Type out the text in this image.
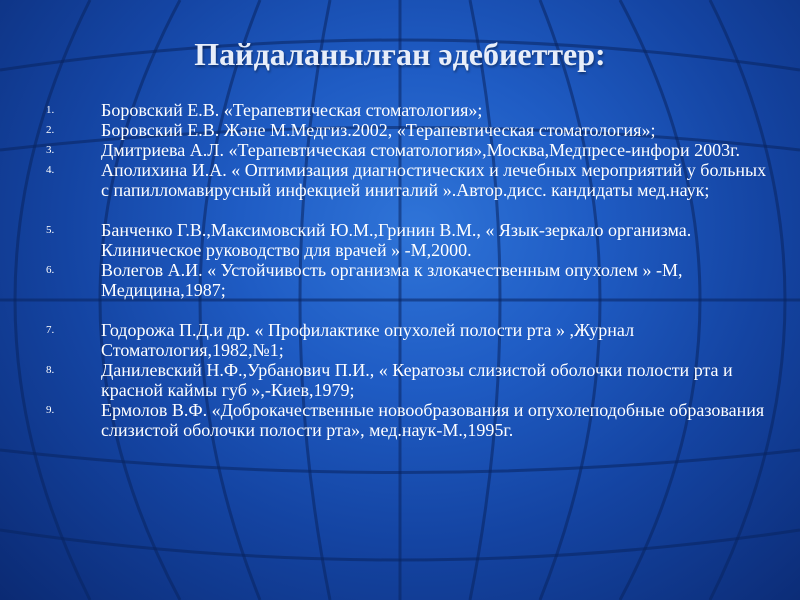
Пайдаланылған әдебиеттер:
1.	Боровский Е.В. «Терапевтическая стоматология»;
2.	Боровский Е.В. Және М.Медгиз.2002, «Терапевтическая стоматология»;
3.	Дмитриева А.Л. «Терапевтическая стоматология»,Москва,Медпресе-инфори 2003г.
4.	Аполихина И.А. « Оптимизация диагностических и лечебных мероприятий у больных с папилломавирусный инфекцией иниталий ».Автор.дисс. кандидаты мед.наук;
5.	Банченко Г.В.,Максимовский Ю.М.,Гринин В.М., « Язык-зеркало организма. Клиническое руководство для врачей » -М,2000.
6.	Волегов А.И. « Устойчивость организма к злокачественным опухолем » -М, Медицина,1987;
7.	Годорожа П.Д.и др. « Профилактике опухолей полости рта » ,Журнал Стоматология,1982,№1;
8.	Данилевский Н.Ф.,Урбанович П.И., « Кератозы слизистой оболочки полости рта и красной каймы губ »,-Киев,1979;
9.	Ермолов В.Ф. «Доброкачественные новообразования и опухолеподобные образования слизистой оболочки полости рта», мед.наук-М.,1995г.
